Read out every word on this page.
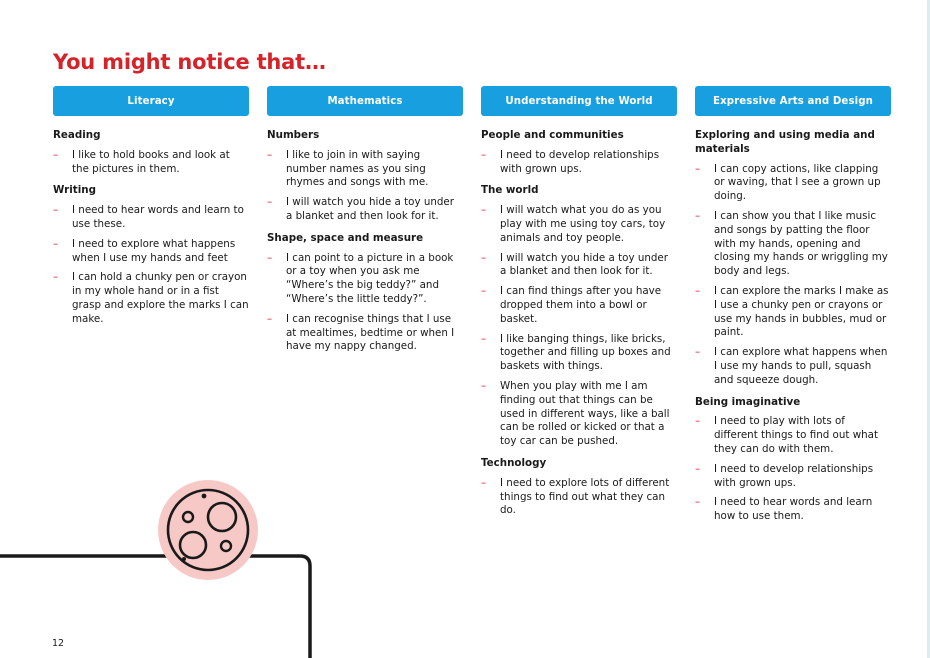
You might notice that…
Literacy
Reading
– I like to hold books and look at the pictures in them.
Writing
– I need to hear words and learn to use these.
– I need to explore what happens when I use my hands and feet
– I can hold a chunky pen or crayon in my whole hand or in a fist grasp and explore the marks I can make.
Mathematics
Numbers
– I like to join in with saying number names as you sing rhymes and songs with me.
– I will watch you hide a toy under a blanket and then look for it.
Shape, space and measure
– I can point to a picture in a book or a toy when you ask me “Where’s the big teddy?” and “Where’s the little teddy?”.
– I can recognise things that I use at mealtimes, bedtime or when I have my nappy changed.
Understanding the World
People and communities
– I need to develop relationships with grown ups.
The world
– I will watch what you do as you play with me using toy cars, toy animals and toy people.
– I will watch you hide a toy under a blanket and then look for it.
– I can find things after you have dropped them into a bowl or basket.
– I like banging things, like bricks, together and filling up boxes and baskets with things.
– When you play with me I am finding out that things can be used in different ways, like a ball can be rolled or kicked or that a toy car can be pushed.
Technology
– I need to explore lots of different things to find out what they can do.
Expressive Arts and Design
Exploring and using media and materials
– I can copy actions, like clapping or waving, that I see a grown up doing.
– I can show you that I like music and songs by patting the floor with my hands, opening and closing my hands or wriggling my body and legs.
– I can explore the marks I make as I use a chunky pen or crayons or use my hands in bubbles, mud or paint.
– I can explore what happens when I use my hands to pull, squash and squeeze dough.
Being imaginative
– I need to play with lots of different things to find out what they can do with them.
– I need to develop relationships with grown ups.
– I need to hear words and learn how to use them.
12
